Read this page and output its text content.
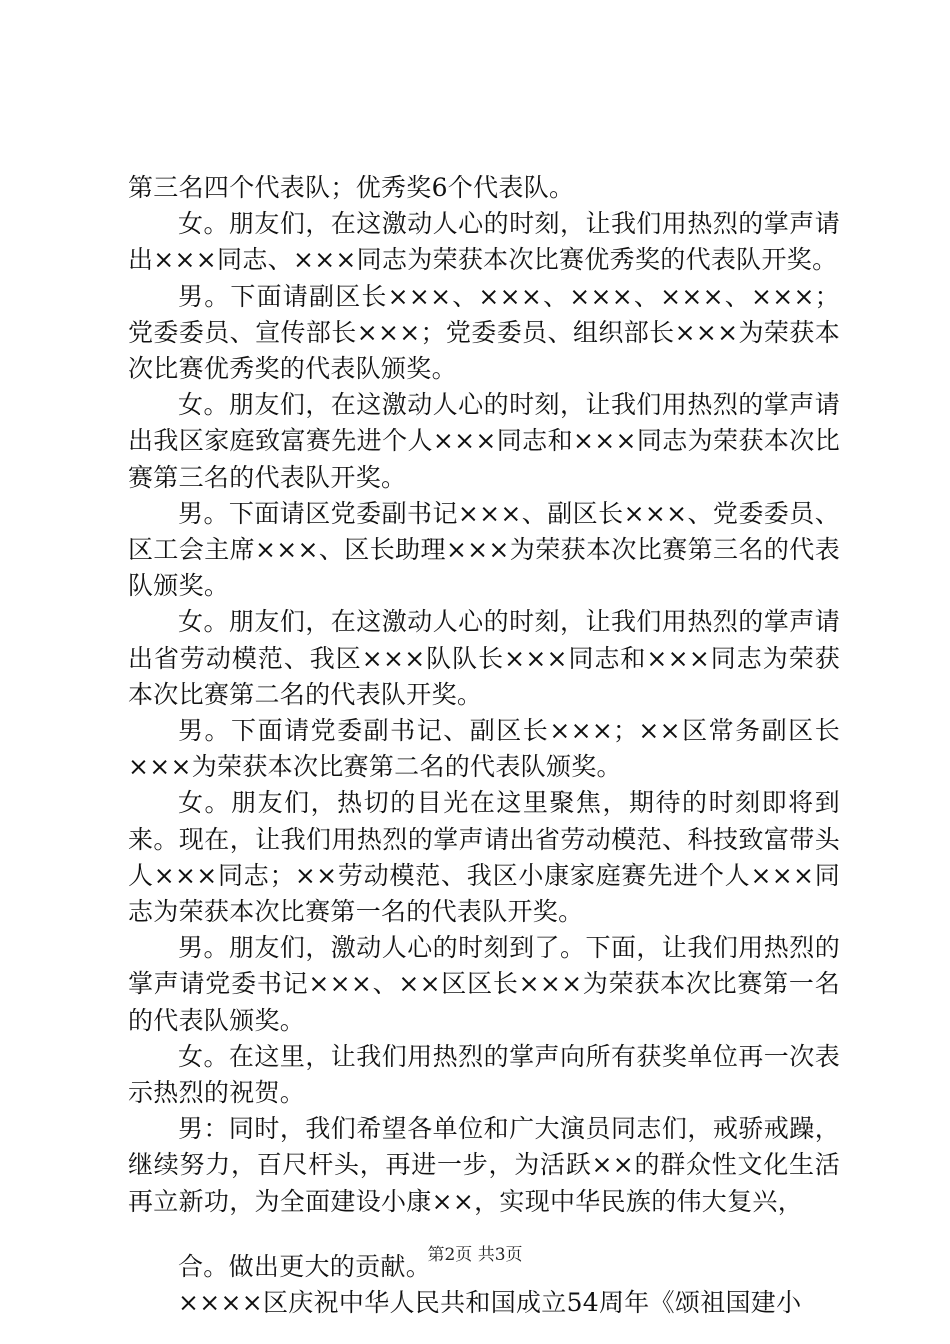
第三名四个代表队；优秀奖6个代表队。

女。朋友们，在这激动人心的时刻，让我们用热烈的掌声请出×××同志、×××同志为荣获本次比赛优秀奖的代表队开奖。

男。下面请副区长×××、×××、×××、×××、×××；党委委员、宣传部长×××；党委委员、组织部长×××为荣获本次比赛优秀奖的代表队颁奖。

女。朋友们，在这激动人心的时刻，让我们用热烈的掌声请出我区家庭致富赛先进个人×××同志和×××同志为荣获本次比赛第三名的代表队开奖。

男。下面请区党委副书记×××、副区长×××、党委委员、区工会主席×××、区长助理×××为荣获本次比赛第三名的代表队颁奖。

女。朋友们，在这激动人心的时刻，让我们用热烈的掌声请出省劳动模范、我区×××队队长×××同志和×××同志为荣获本次比赛第二名的代表队开奖。

男。下面请党委副书记、副区长×××；××区常务副区长×××为荣获本次比赛第二名的代表队颁奖。

女。朋友们，热切的目光在这里聚焦，期待的时刻即将到来。现在，让我们用热烈的掌声请出省劳动模范、科技致富带头人×××同志；××劳动模范、我区小康家庭赛先进个人×××同志为荣获本次比赛第一名的代表队开奖。

男。朋友们，激动人心的时刻到了。下面，让我们用热烈的掌声请党委书记×××、××区区长×××为荣获本次比赛第一名的代表队颁奖。

女。在这里，让我们用热烈的掌声向所有获奖单位再一次表示热烈的祝贺。

男：同时，我们希望各单位和广大演员同志们，戒骄戒躁，继续努力，百尺杆头，再进一步，为活跃××的群众性文化生活再立新功，为全面建设小康××，实现中华民族的伟大复兴，

合。做出更大的贡献。

××××区庆祝中华人民共和国成立54周年《颂祖国建小

第2页 共3页
